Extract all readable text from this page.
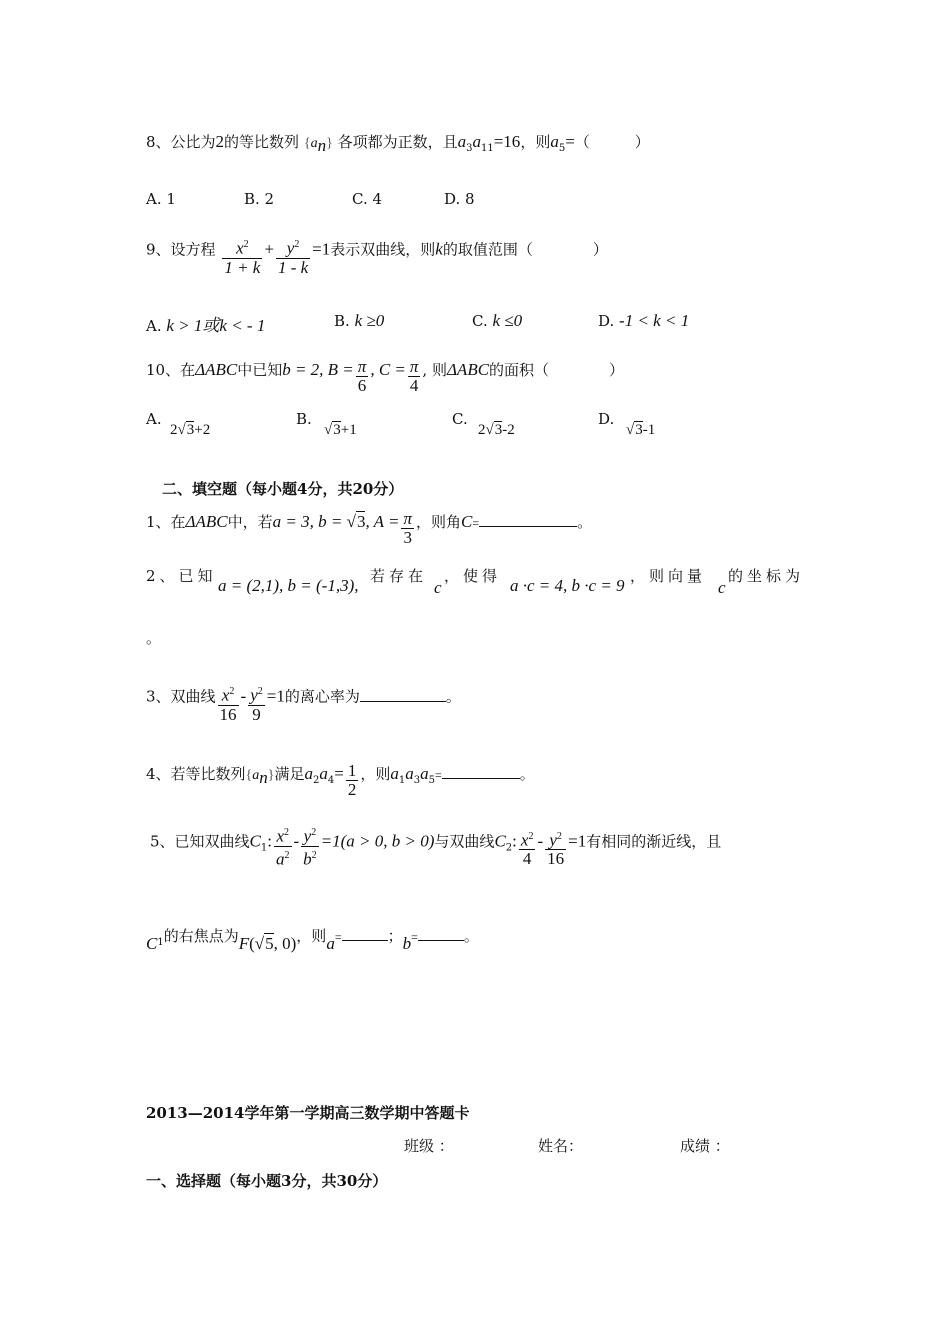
8、公比为2的等比数列 $\{a_n\}$ 各项都为正数，且$a_3a_{11}=16$，则$a_5=$（　　　）
A. 1	B. 2	C. 4	D. 8
9、设方程 $\frac{x^2}{1 + k} + \frac{y^2}{1 - k} =1$表示双曲线，则k的取值范围（　　　　）
A. k > 1或k < - 1	B. k ≥0	C. k ≤0	D. -1 < k < 1
10、在ΔABC中已知b = 2, $B = \frac{\pi}{6}$ , $C = \frac{\pi}{4}$ , 则ΔABC的面积（　　　　）
A.
2√3+2
B.
√3+1
C.
2√3-2
D.
√3-1
二、填空题（每小题4分，共20分）
1、在ΔABC中，若a = 3, b = √3, $A = \frac{\pi}{3}$ ，则角C=	。
2、已知 a = (2,1), b = (-1,3), 若存在
c
，使得 a ·c = 4, b ·c = 9 ，则向量
c
的坐标为
。
3、双曲线 $\frac{x^2}{16} - \frac{y^2}{9} =1$的离心率为	。
4、若等比数列$\{a_n\}$满足$a_2a_4= \frac{1}{2}$ ，则$a_1a_3a_5=$	。
5、已知双曲线$C_1$: $\frac{x^2}{a^2} - \frac{y^2}{b^2} =1(a > 0$, b > 0)与双曲线$C_2$: $\frac{x^2}{4} - \frac{y^2}{16} =1$有相同的渐近线，且
$C_1$的右焦点为F(√5, 0)，则a=	；b=	。
2013—2014学年第一学期高三数学期中答题卡
班级 ：	姓名：	成绩 ：
一、选择题（每小题3分，共30分）
